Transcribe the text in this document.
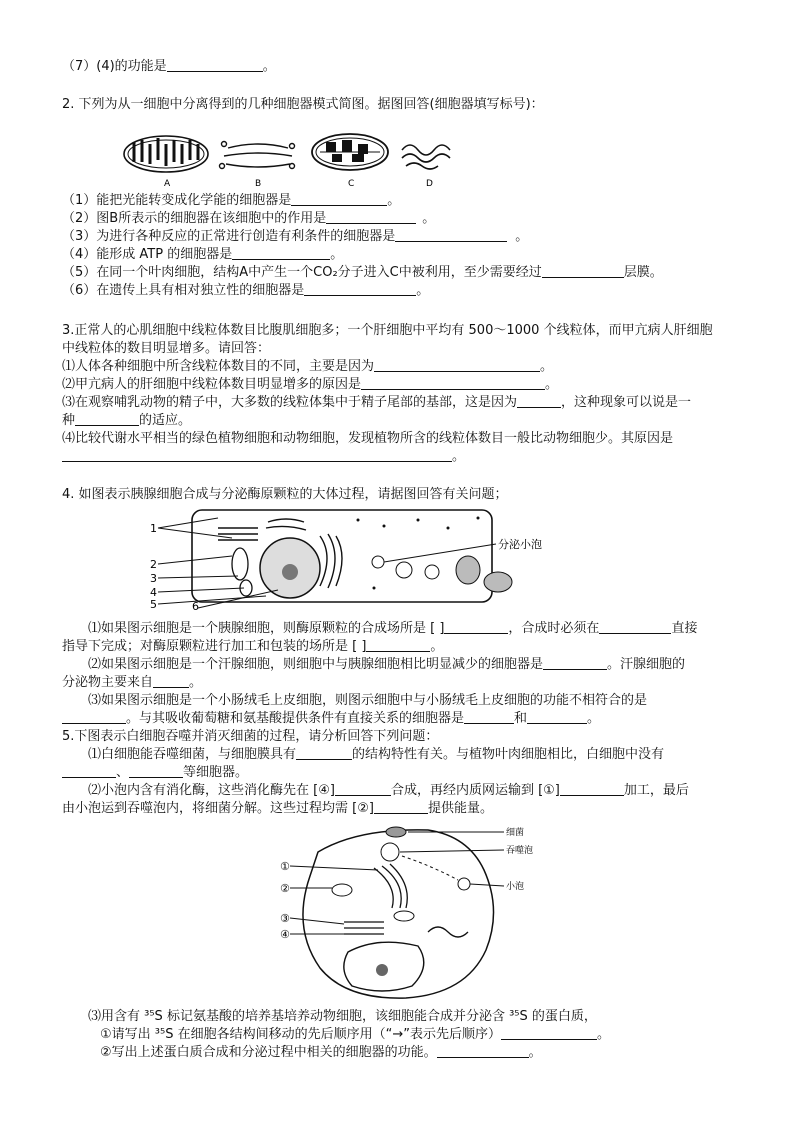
（7）(4)的功能是	。
2. 下列为从一细胞中分离得到的几种细胞器模式简图。据图回答(细胞器填写标号)：
A	B	C	D
（1）能把光能转变成化学能的细胞器是	。
（2）图B所表示的细胞器在该细胞中的作用是	。
（3）为进行各种反应的正常进行创造有利条件的细胞器是	。
（4）能形成 ATP 的细胞器是	。
（5）在同一个叶肉细胞，结构A中产生一个CO₂分子进入C中被利用，至少需要经过	层膜。
（6）在遗传上具有相对独立性的细胞器是	。
3.正常人的心肌细胞中线粒体数目比腹肌细胞多；一个肝细胞中平均有 500～1000 个线粒体，而甲亢病人肝细胞
中线粒体的数目明显增多。请回答：
⑴人体各种细胞中所含线粒体数目的不同，主要是因为	。
⑵甲亢病人的肝细胞中线粒体数目明显增多的原因是	。
⑶在观察哺乳动物的精子中，大多数的线粒体集中于精子尾部的基部，这是因为	，这种现象可以说是一
种	的适应。
⑷比较代谢水平相当的绿色植物细胞和动物细胞，发现植物所含的线粒体数目一般比动物细胞少。其原因是
。
4. 如图表示胰腺细胞合成与分泌酶原颗粒的大体过程，请据图回答有关问题；
1
2
3
4
5	6
分泌小泡
⑴如果图示细胞是一个胰腺细胞，则酶原颗粒的合成场所是 [ ]	，合成时必须在	直接
指导下完成；对酶原颗粒进行加工和包装的场所是 [ ]	。
⑵如果图示细胞是一个汗腺细胞，则细胞中与胰腺细胞相比明显减少的细胞器是	。汗腺细胞的
分泌物主要来自	。
⑶如果图示细胞是一个小肠绒毛上皮细胞，则图示细胞中与小肠绒毛上皮细胞的功能不相符合的是
。与其吸收葡萄糖和氨基酸提供条件有直接关系的细胞器是	和	。
5.下图表示白细胞吞噬并消灭细菌的过程，请分析回答下列问题：
⑴白细胞能吞噬细菌，与细胞膜具有	的结构特性有关。与植物叶肉细胞相比，白细胞中没有
、	等细胞器。
⑵小泡内含有消化酶，这些消化酶先在 [④]	合成，再经内质网运输到 [①]	加工，最后
由小泡运到吞噬泡内，将细菌分解。这些过程均需 [②]	提供能量。
①
②
③
④
细菌
吞噬泡
小泡
⑶用含有 ³⁵S 标记氨基酸的培养基培养动物细胞，该细胞能合成并分泌含 ³⁵S 的蛋白质，
①请写出 ³⁵S 在细胞各结构间移动的先后顺序用（“→”表示先后顺序）	。
②写出上述蛋白质合成和分泌过程中相关的细胞器的功能。	。
